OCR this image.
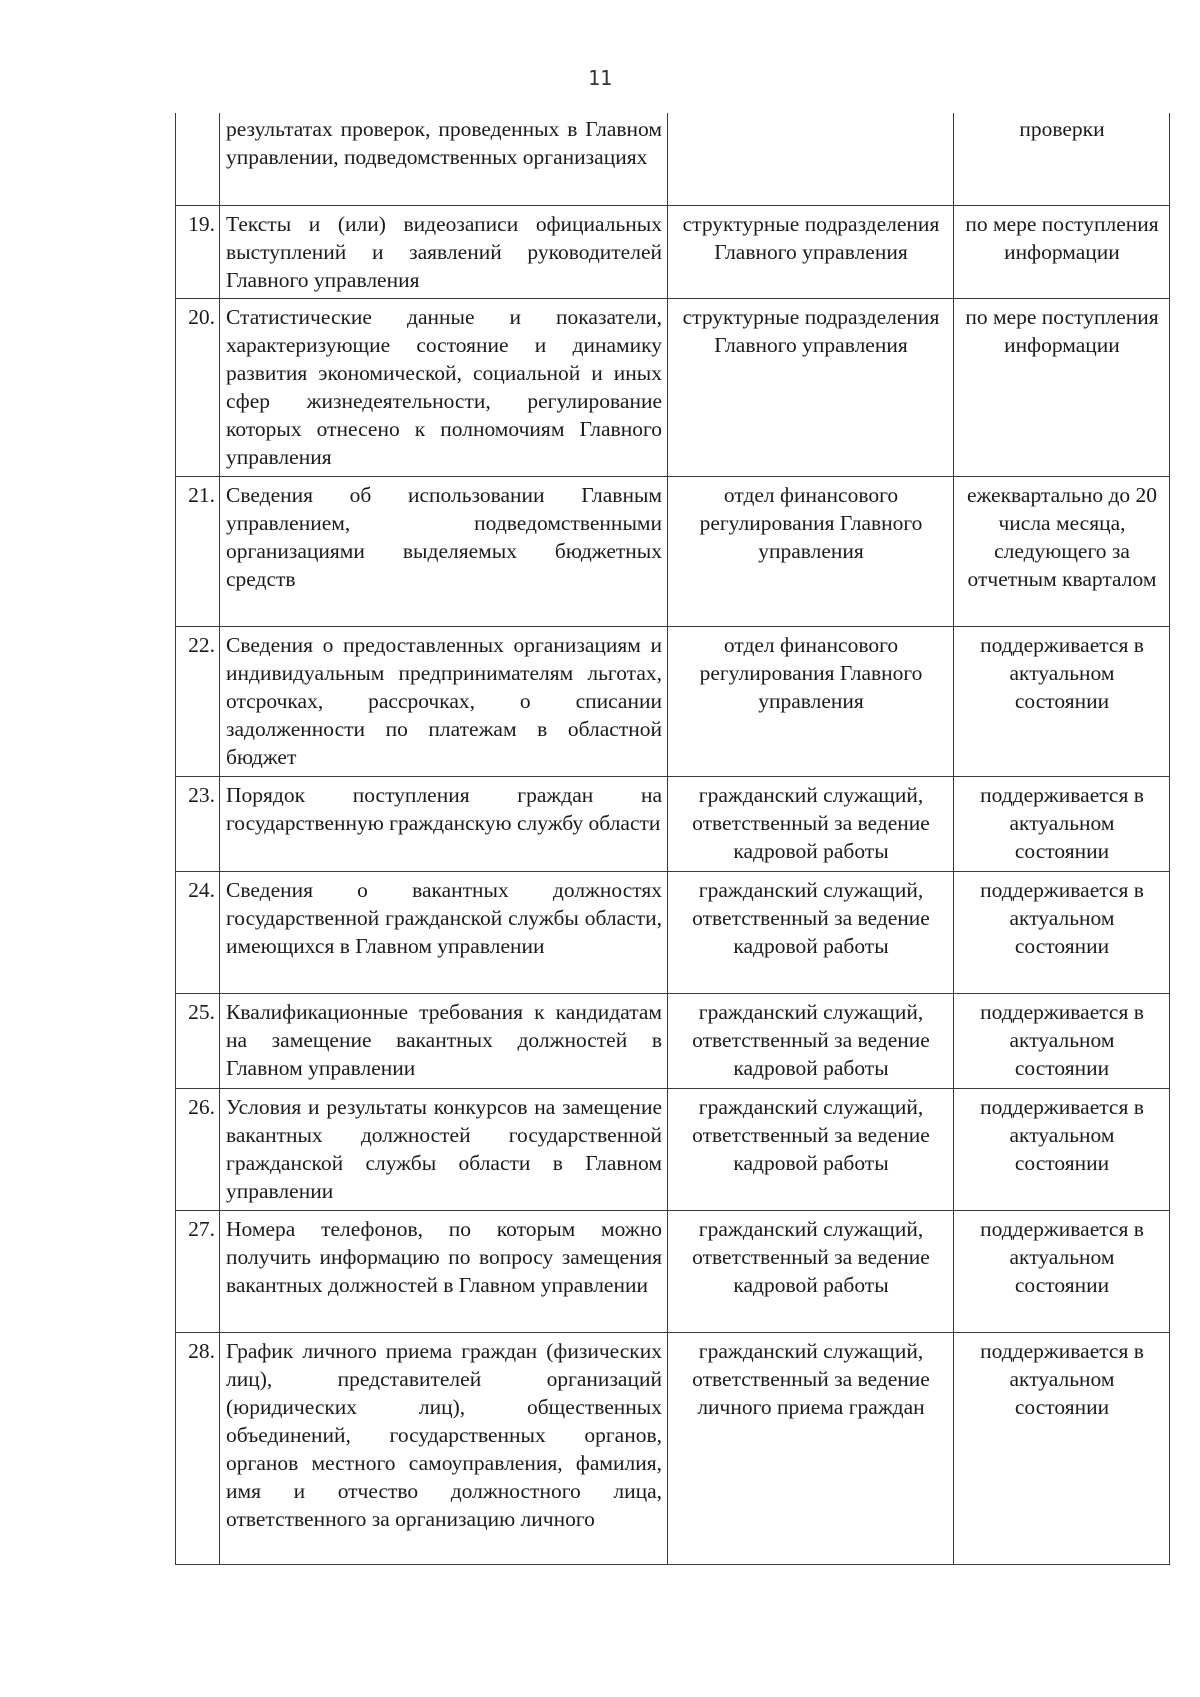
11
	результатах проверок, проведенных в Главном управлении, подведомственных организациях		проверки
19.	Тексты и (или) видеозаписи официальных выступлений и заявлений руководителей Главного управления	структурные подразделения Главного управления	по мере поступления информации
20.	Статистические данные и показатели, характеризующие состояние и динамику развития экономической, социальной и иных сфер жизнедеятельности, регулирование которых отнесено к полномочиям Главного управления	структурные подразделения Главного управления	по мере поступления информации
21.	Сведения об использовании Главным управлением, подведомственными организациями выделяемых бюджетных средств	отдел финансового регулирования Главного управления	ежеквартально до 20 числа месяца, следующего за отчетным кварталом
22.	Сведения о предоставленных организациям и индивидуальным предпринимателям льготах, отсрочках, рассрочках, о списании задолженности по платежам в областной бюджет	отдел финансового регулирования Главного управления	поддерживается в актуальном состоянии
23.	Порядок поступления граждан на государственную гражданскую службу области	гражданский служащий, ответственный за ведение кадровой работы	поддерживается в актуальном состоянии
24.	Сведения о вакантных должностях государственной гражданской службы области, имеющихся в Главном управлении	гражданский служащий, ответственный за ведение кадровой работы	поддерживается в актуальном состоянии
25.	Квалификационные требования к кандидатам на замещение вакантных должностей в Главном управлении	гражданский служащий, ответственный за ведение кадровой работы	поддерживается в актуальном состоянии
26.	Условия и результаты конкурсов на замещение вакантных должностей государственной гражданской службы области в Главном управлении	гражданский служащий, ответственный за ведение кадровой работы	поддерживается в актуальном состоянии
27.	Номера телефонов, по которым можно получить информацию по вопросу замещения вакантных должностей в Главном управлении	гражданский служащий, ответственный за ведение кадровой работы	поддерживается в актуальном состоянии
28.	График личного приема граждан (физических лиц), представителей организаций (юридических лиц), общественных объединений, государственных органов, органов местного самоуправления, фамилия, имя и отчество должностного лица, ответственного за организацию личного	гражданский служащий, ответственный за ведение личного приема граждан	поддерживается в актуальном состоянии
